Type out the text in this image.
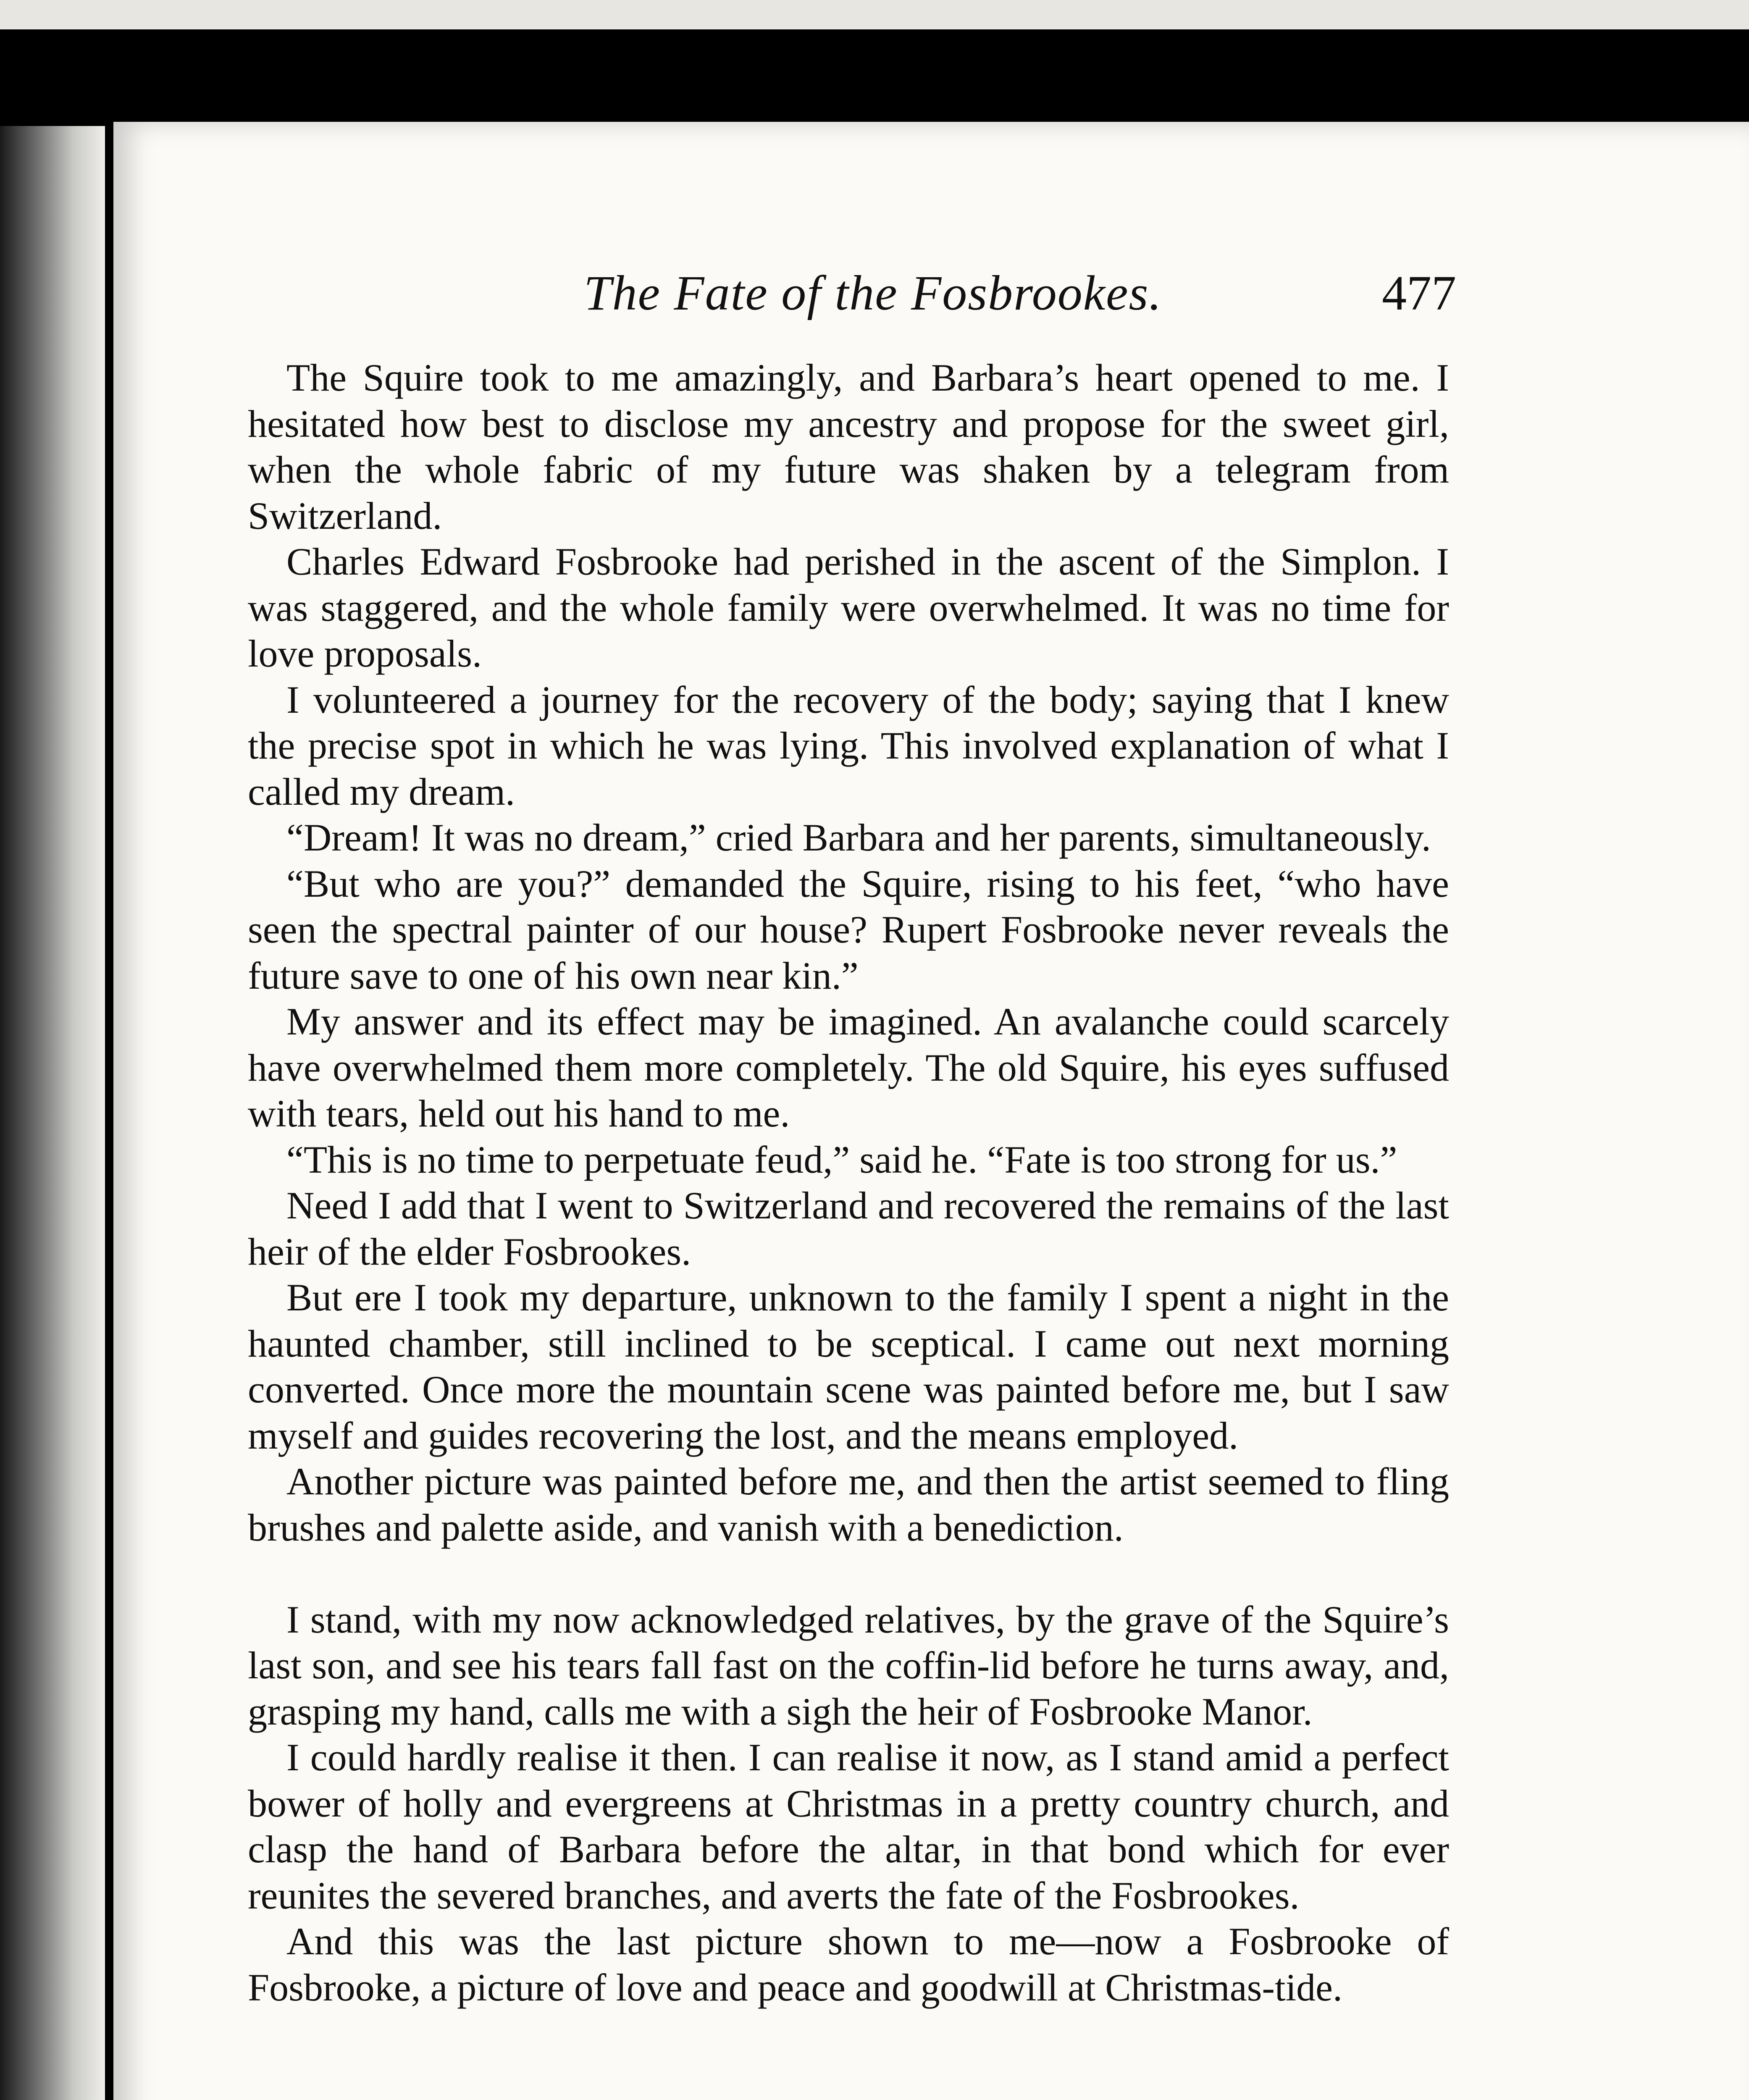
The Fate of the Fosbrookes.	477

The Squire took to me amazingly, and Barbara’s heart opened to me. I hesitated how best to disclose my ancestry and propose for the sweet girl, when the whole fabric of my future was shaken by a telegram from Switzerland.

Charles Edward Fosbrooke had perished in the ascent of the Simplon. I was staggered, and the whole family were overwhelmed. It was no time for love proposals.

I volunteered a journey for the recovery of the body; saying that I knew the precise spot in which he was lying. This involved explanation of what I called my dream.

“Dream! It was no dream,” cried Barbara and her parents, simultaneously.

“But who are you?” demanded the Squire, rising to his feet, “who have seen the spectral painter of our house? Rupert Fosbrooke never reveals the future save to one of his own near kin.”

My answer and its effect may be imagined. An avalanche could scarcely have overwhelmed them more completely. The old Squire, his eyes suffused with tears, held out his hand to me.

“This is no time to perpetuate feud,” said he. “Fate is too strong for us.”

Need I add that I went to Switzerland and recovered the remains of the last heir of the elder Fosbrookes.

But ere I took my departure, unknown to the family I spent a night in the haunted chamber, still inclined to be sceptical. I came out next morning converted. Once more the mountain scene was painted before me, but I saw myself and guides recovering the lost, and the means employed.

Another picture was painted before me, and then the artist seemed to fling brushes and palette aside, and vanish with a benediction.

I stand, with my now acknowledged relatives, by the grave of the Squire’s last son, and see his tears fall fast on the coffin-lid before he turns away, and, grasping my hand, calls me with a sigh the heir of Fosbrooke Manor.

I could hardly realise it then. I can realise it now, as I stand amid a perfect bower of holly and evergreens at Christmas in a pretty country church, and clasp the hand of Barbara before the altar, in that bond which for ever reunites the severed branches, and averts the fate of the Fosbrookes.

And this was the last picture shown to me—now a Fosbrooke of Fosbrooke, a picture of love and peace and goodwill at Christmas-tide.
